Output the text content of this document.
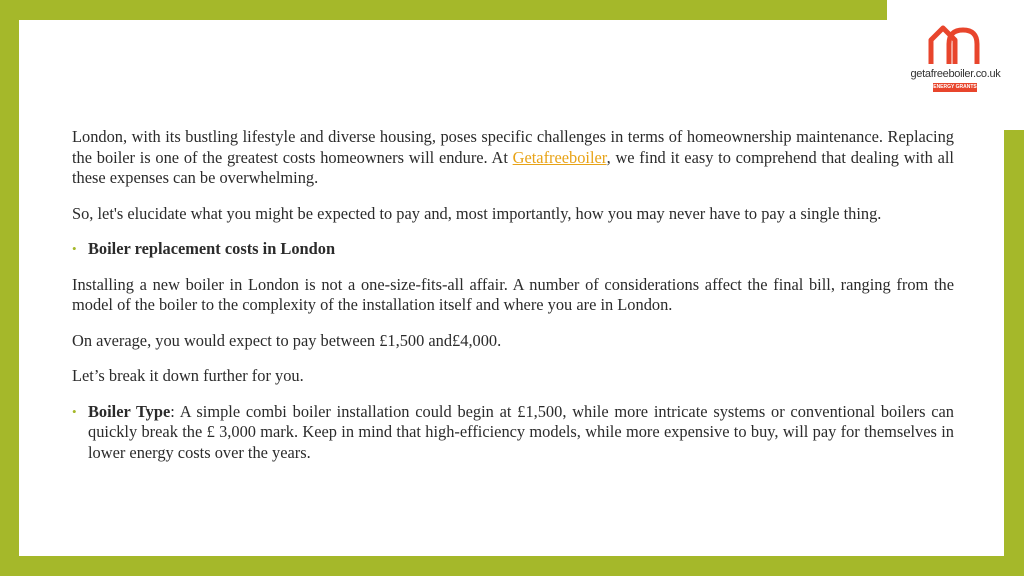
getafreeboiler.co.uk
ENERGY GRANTS

London, with its bustling lifestyle and diverse housing, poses specific challenges in terms of homeownership maintenance. Replacing the boiler is one of the greatest costs homeowners will endure. At Getafreeboiler, we find it easy to comprehend that dealing with all these expenses can be overwhelming.

So, let's elucidate what you might be expected to pay and, most importantly, how you may never have to pay a single thing.

• Boiler replacement costs in London

Installing a new boiler in London is not a one-size-fits-all affair. A number of considerations affect the final bill, ranging from the model of the boiler to the complexity of the installation itself and where you are in London.

On average, you would expect to pay between £1,500 and£4,000.

Let’s break it down further for you.

• Boiler Type: A simple combi boiler installation could begin at £1,500, while more intricate systems or conventional boilers can quickly break the £ 3,000 mark. Keep in mind that high-efficiency models, while more expensive to buy, will pay for themselves in lower energy costs over the years.
